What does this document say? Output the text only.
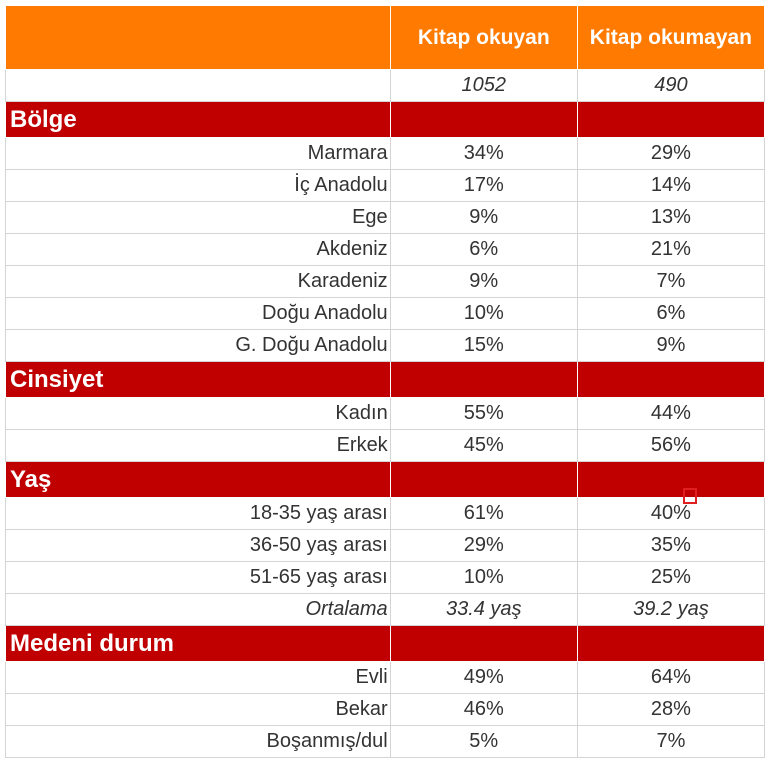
	Kitap okuyan	Kitap okumayan
	1052	490
Bölge		
Marmara	34%	29%
İç Anadolu	17%	14%
Ege	9%	13%
Akdeniz	6%	21%
Karadeniz	9%	7%
Doğu Anadolu	10%	6%
G. Doğu Anadolu	15%	9%
Cinsiyet		
Kadın	55%	44%
Erkek	45%	56%
Yaş		
18-35 yaş arası	61%	40%
36-50 yaş arası	29%	35%
51-65 yaş arası	10%	25%
Ortalama	33.4 yaş	39.2 yaş
Medeni durum		
Evli	49%	64%
Bekar	46%	28%
Boşanmış/dul	5%	7%
